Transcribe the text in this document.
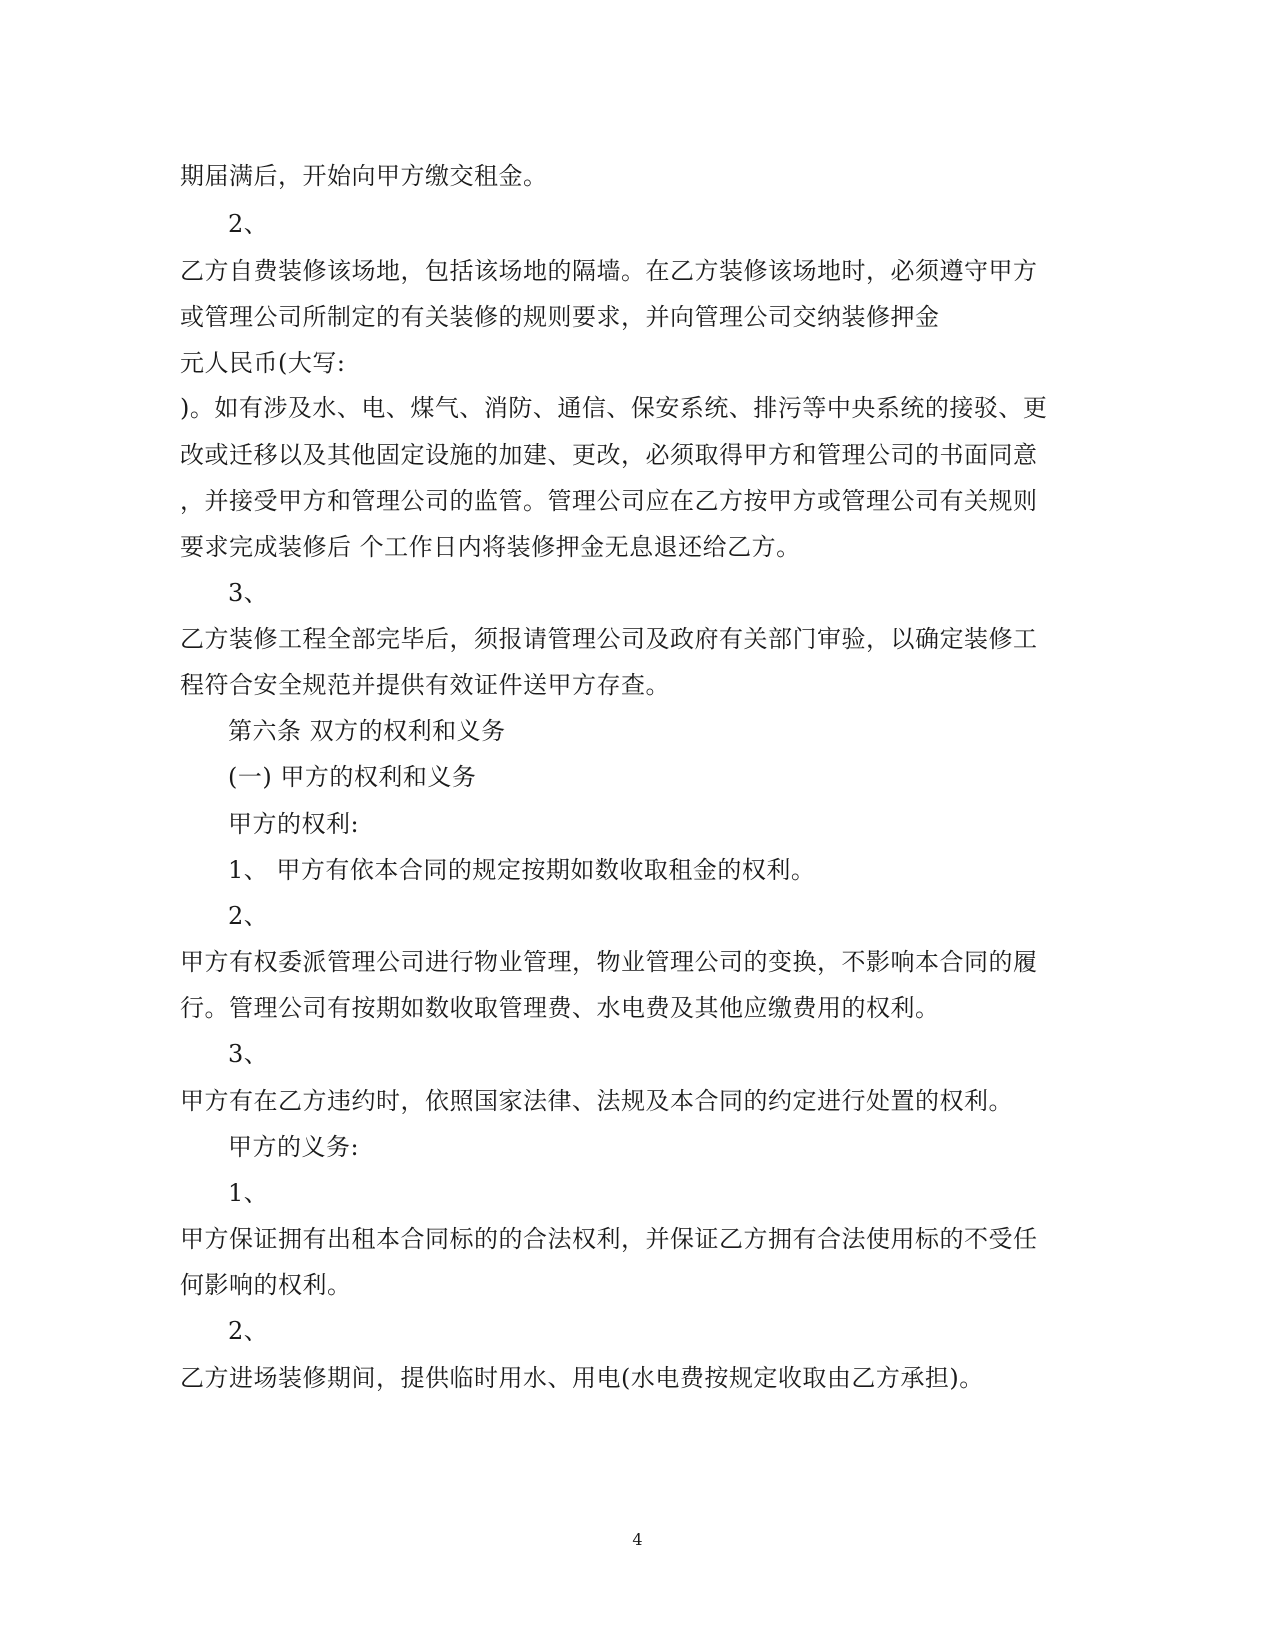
期届满后，开始向甲方缴交租金。
2、
乙方自费装修该场地，包括该场地的隔墙。在乙方装修该场地时，必须遵守甲方
或管理公司所制定的有关装修的规则要求，并向管理公司交纳装修押金
元人民币(大写:
)。如有涉及水、电、煤气、消防、通信、保安系统、排污等中央系统的接驳、更
改或迁移以及其他固定设施的加建、更改，必须取得甲方和管理公司的书面同意
，并接受甲方和管理公司的监管。管理公司应在乙方按甲方或管理公司有关规则
要求完成装修后 个工作日内将装修押金无息退还给乙方。
3、
乙方装修工程全部完毕后，须报请管理公司及政府有关部门审验，以确定装修工
程符合安全规范并提供有效证件送甲方存查。
第六条 双方的权利和义务
(一) 甲方的权利和义务
甲方的权利:
1、 甲方有依本合同的规定按期如数收取租金的权利。
2、
甲方有权委派管理公司进行物业管理，物业管理公司的变换，不影响本合同的履
行。管理公司有按期如数收取管理费、水电费及其他应缴费用的权利。
3、
甲方有在乙方违约时，依照国家法律、法规及本合同的约定进行处置的权利。
甲方的义务:
1、
甲方保证拥有出租本合同标的的合法权利，并保证乙方拥有合法使用标的不受任
何影响的权利。
2、
乙方进场装修期间，提供临时用水、用电(水电费按规定收取由乙方承担)。
4
